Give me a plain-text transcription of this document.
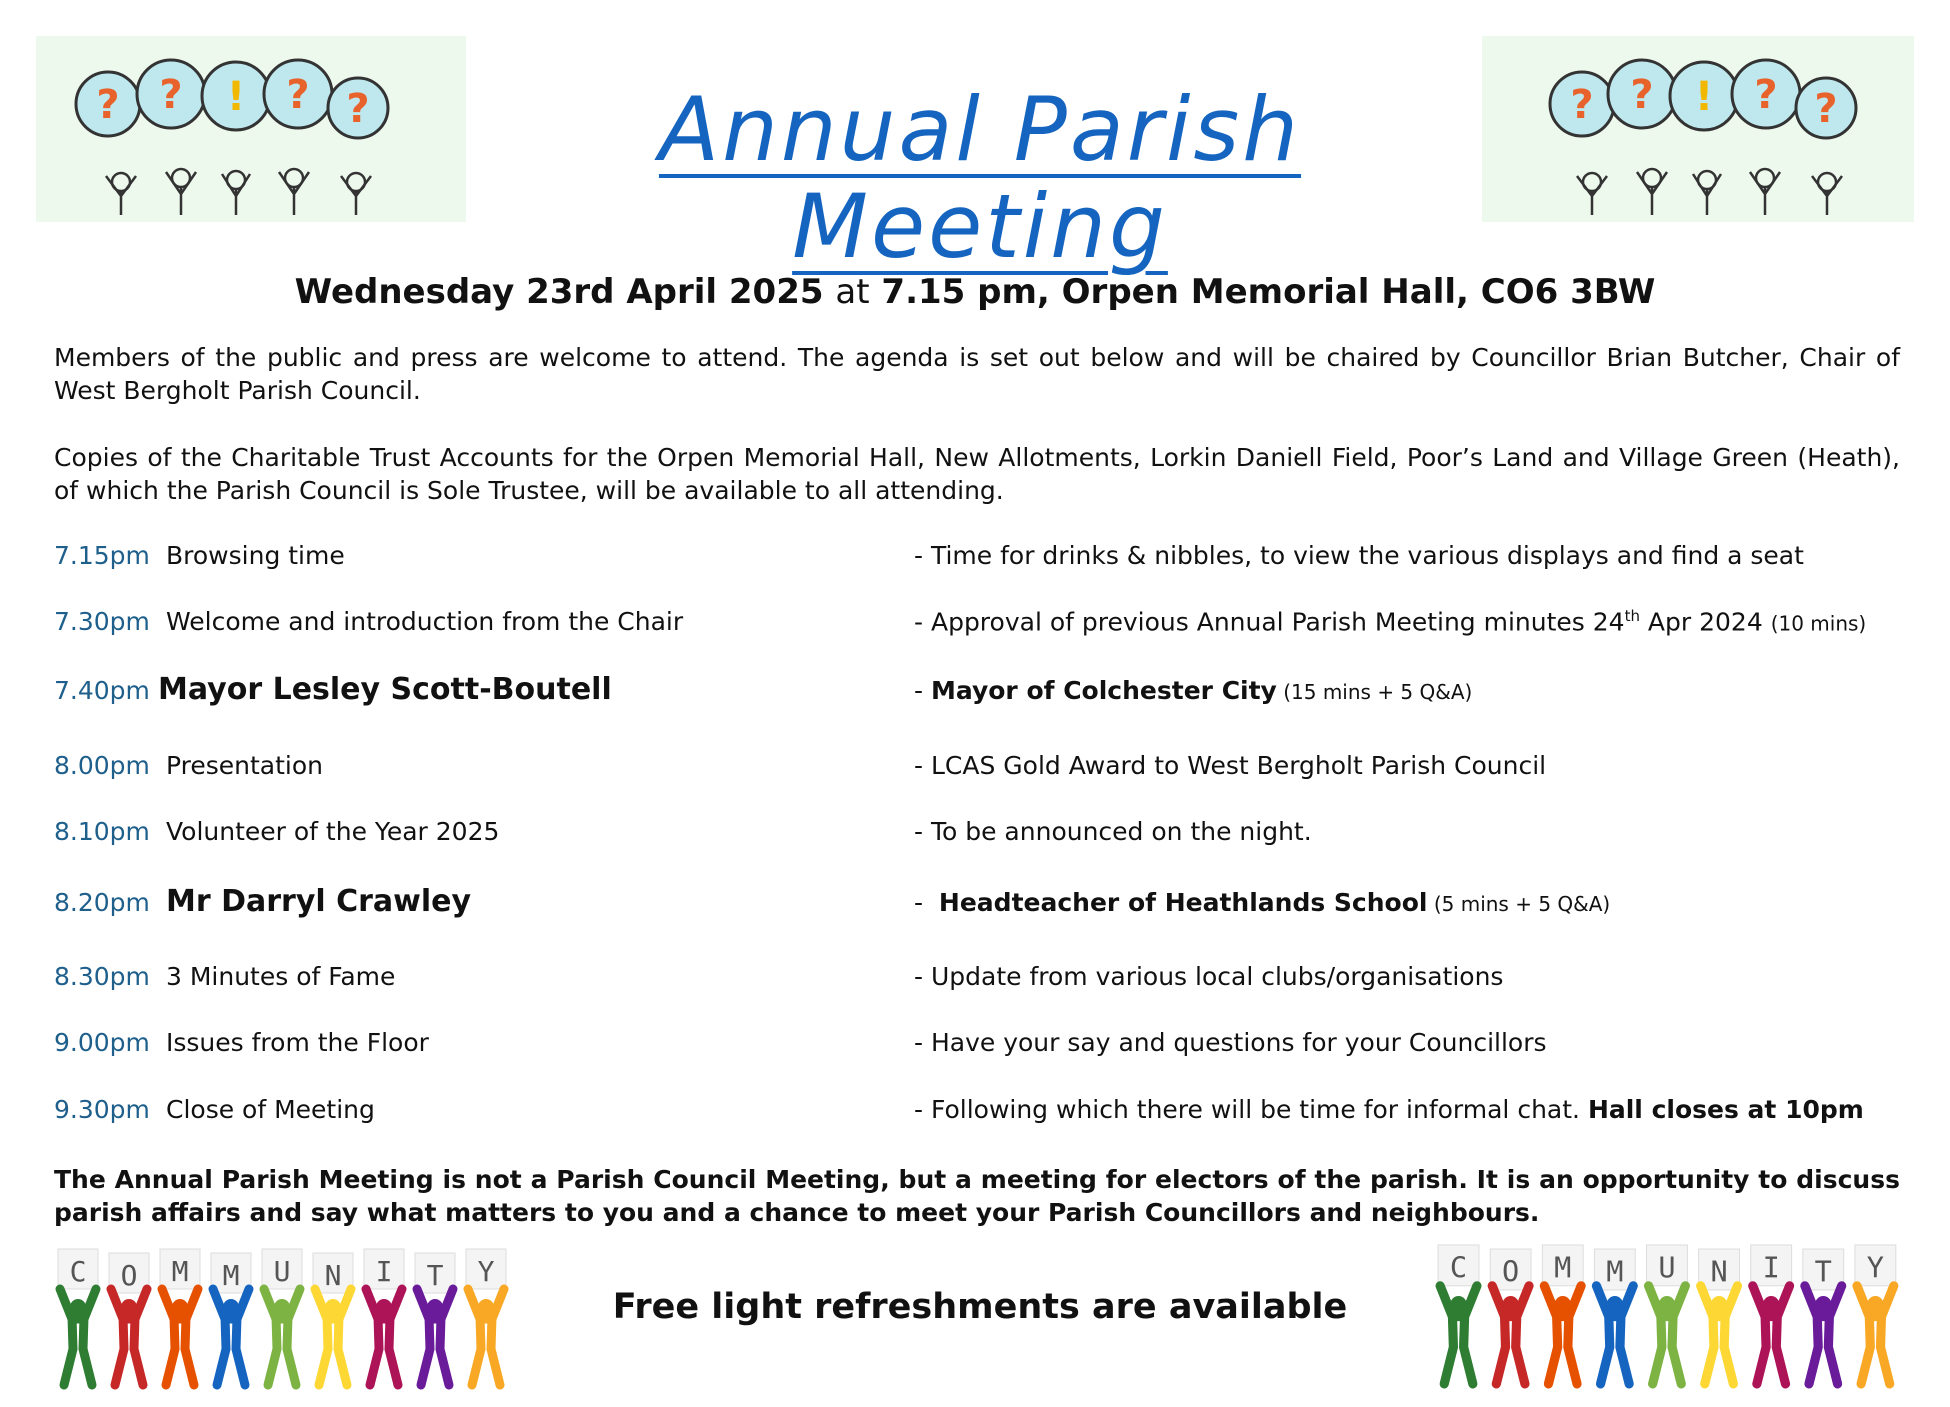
? ? ! ? ?	? ? ! ? ?
Annual Parish Meeting
Wednesday 23rd April 2025 at 7.15 pm, Orpen Memorial Hall, CO6 3BW
Members of the public and press are welcome to attend. The agenda is set out below and will be chaired by Councillor Brian Butcher, Chair of West Bergholt Parish Council.
Copies of the Charitable Trust Accounts for the Orpen Memorial Hall, New Allotments, Lorkin Daniell Field, Poor’s Land and Village Green (Heath), of which the Parish Council is Sole Trustee, will be available to all attending.
7.15pm Browsing time	- Time for drinks & nibbles, to view the various displays and find a seat
7.30pm Welcome and introduction from the Chair	- Approval of previous Annual Parish Meeting minutes 24th Apr 2024 (10 mins)
7.40pm Mayor Lesley Scott-Boutell	- Mayor of Colchester City (15 mins + 5 Q&A)
8.00pm Presentation	- LCAS Gold Award to West Bergholt Parish Council
8.10pm Volunteer of the Year 2025	- To be announced on the night.
8.20pm Mr Darryl Crawley	-  Headteacher of Heathlands School (5 mins + 5 Q&A)
8.30pm 3 Minutes of Fame	- Update from various local clubs/organisations
9.00pm Issues from the Floor	- Have your say and questions for your Councillors
9.30pm Close of Meeting	- Following which there will be time for informal chat. Hall closes at 10pm
The Annual Parish Meeting is not a Parish Council Meeting, but a meeting for electors of the parish. It is an opportunity to discuss parish affairs and say what matters to you and a chance to meet your Parish Councillors and neighbours.
Free light refreshments are available
C O M M U N I T Y	C O M M U N I T Y
